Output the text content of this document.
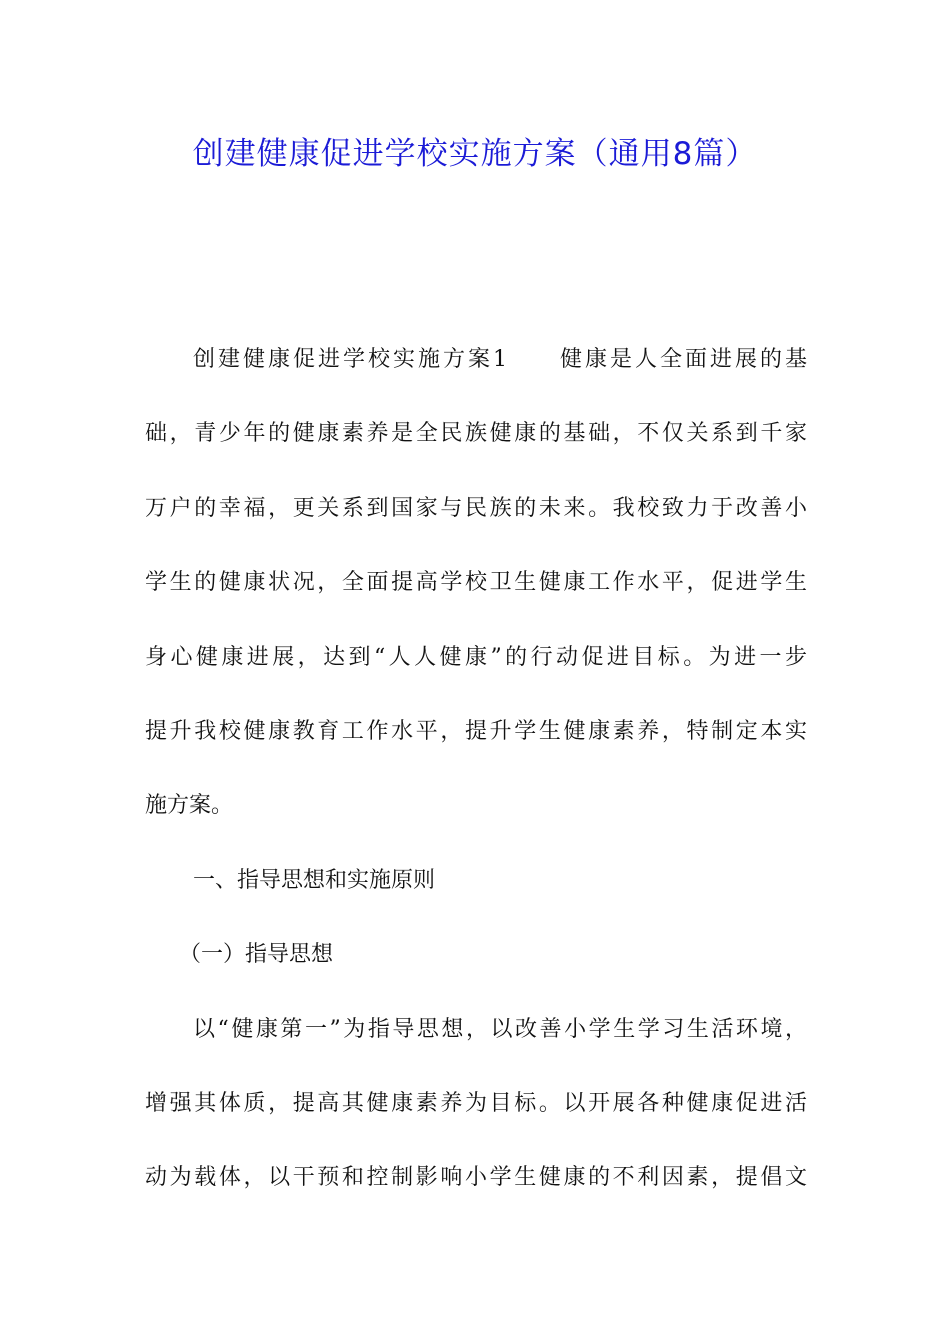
创建健康促进学校实施方案（通用8篇）
创建健康促进学校实施方案1　　健康是人全面进展的基
础，青少年的健康素养是全民族健康的基础，不仅关系到千家
万户的幸福，更关系到国家与民族的未来。我校致力于改善小
学生的健康状况，全面提高学校卫生健康工作水平，促进学生
身心健康进展，达到“人人健康”的行动促进目标。为进一步
提升我校健康教育工作水平，提升学生健康素养，特制定本实
施方案。
一、指导思想和实施原则
（一）指导思想
以“健康第一”为指导思想，以改善小学生学习生活环境，
增强其体质，提高其健康素养为目标。以开展各种健康促进活
动为载体，以干预和控制影响小学生健康的不利因素，提倡文
